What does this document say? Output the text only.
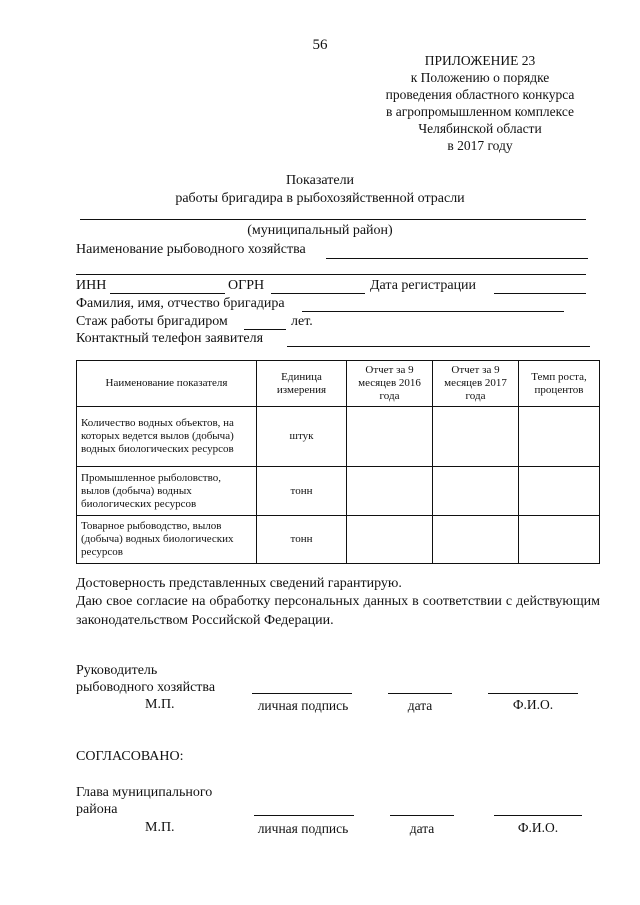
56
ПРИЛОЖЕНИЕ 23
к Положению о порядке
проведения областного конкурса
в агропромышленном комплексе
Челябинской области
в 2017 году
Показатели
работы бригадира в рыбохозяйственной отрасли
(муниципальный район)
Наименование рыбоводного хозяйства
ИНН	ОГРН	Дата регистрации
Фамилия, имя, отчество бригадира
Стаж работы бригадиром	лет.
Контактный телефон заявителя
Наименование показателя	Единица измерения	Отчет за 9 месяцев 2016 года	Отчет за 9 месяцев 2017 года	Темп роста, процентов
Количество водных объектов, на которых ведется вылов (добыча) водных биологических ресурсов	штук			
Промышленное рыболовство, вылов (добыча) водных биологических ресурсов	тонн			
Товарное рыбоводство, вылов (добыча) водных биологических ресурсов	тонн			
Достоверность представленных сведений гарантирую.
Даю свое согласие на обработку персональных данных в соответствии с действующим законодательством Российской Федерации.
Руководитель
рыбоводного хозяйства
М.П.	личная подпись	дата	Ф.И.О.
СОГЛАСОВАНО:
Глава муниципального
района
М.П.	личная подпись	дата	Ф.И.О.
